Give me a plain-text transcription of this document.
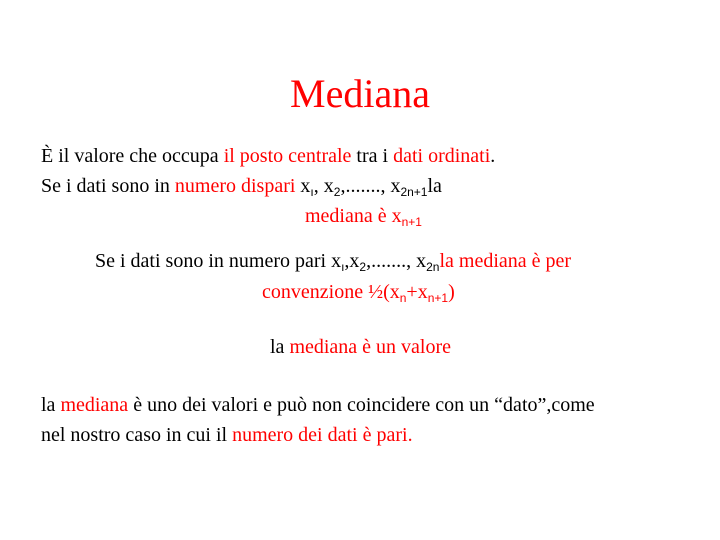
Mediana
È il valore che occupa il posto centrale tra i dati ordinati.
Se i dati sono in numero dispari $x_ı$, $x_2$,......., $x_{2n+1}la$
mediana è $x_{n+1}$
Se i dati sono in numero pari $x_ı,x_2$,......., $x_{2n}la$ mediana è per
convenzione $\frac{1}{2}(x_n+x_{n+1})$
la mediana è un valore
la mediana è uno dei valori e può non coincidere con un “dato”,come
nel nostro caso in cui il numero dei dati è pari.
